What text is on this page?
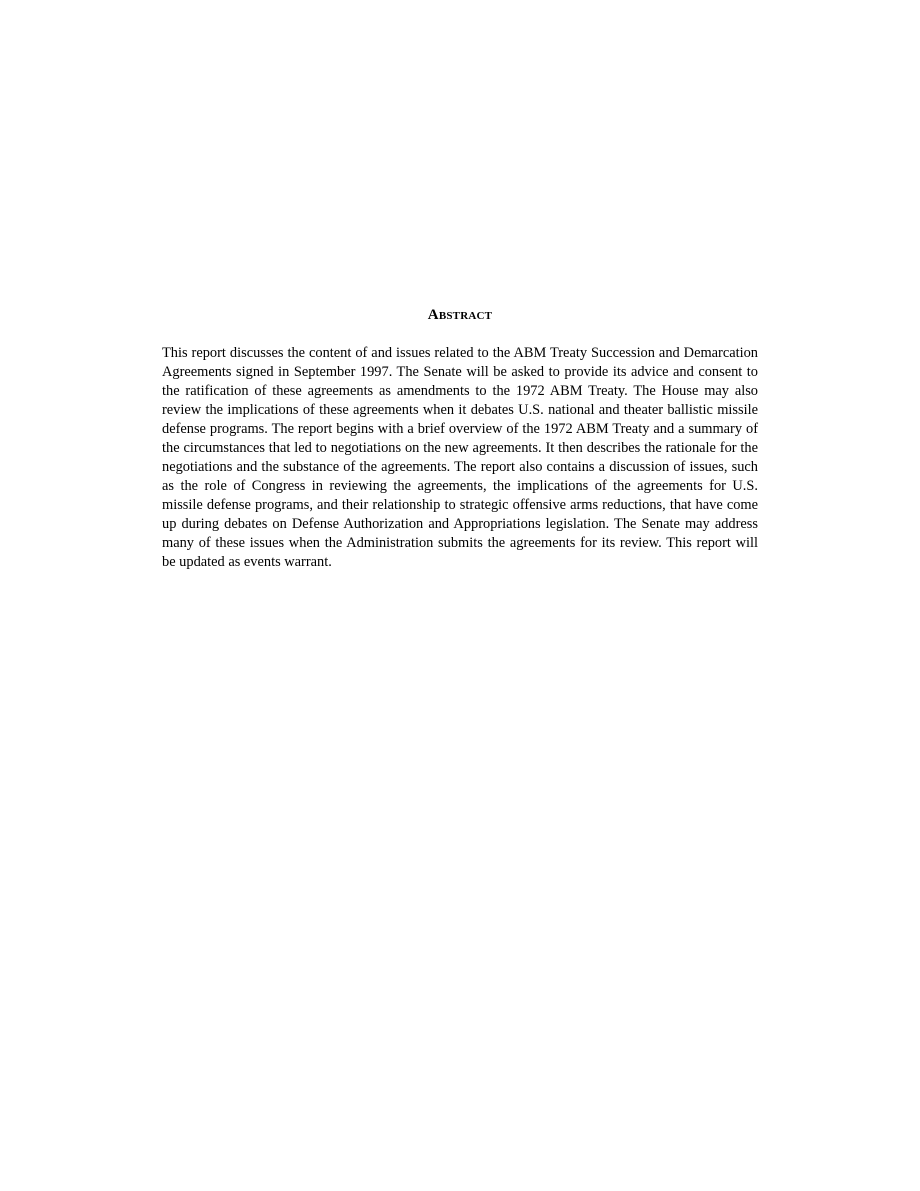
Abstract

This report discusses the content of and issues related to the ABM Treaty Succession and Demarcation Agreements signed in September 1997. The Senate will be asked to provide its advice and consent to the ratification of these agreements as amendments to the 1972 ABM Treaty. The House may also review the implications of these agreements when it debates U.S. national and theater ballistic missile defense programs. The report begins with a brief overview of the 1972 ABM Treaty and a summary of the circumstances that led to negotiations on the new agreements. It then describes the rationale for the negotiations and the substance of the agreements. The report also contains a discussion of issues, such as the role of Congress in reviewing the agreements, the implications of the agreements for U.S. missile defense programs, and their relationship to strategic offensive arms reductions, that have come up during debates on Defense Authorization and Appropriations legislation. The Senate may address many of these issues when the Administration submits the agreements for its review. This report will be updated as events warrant.
